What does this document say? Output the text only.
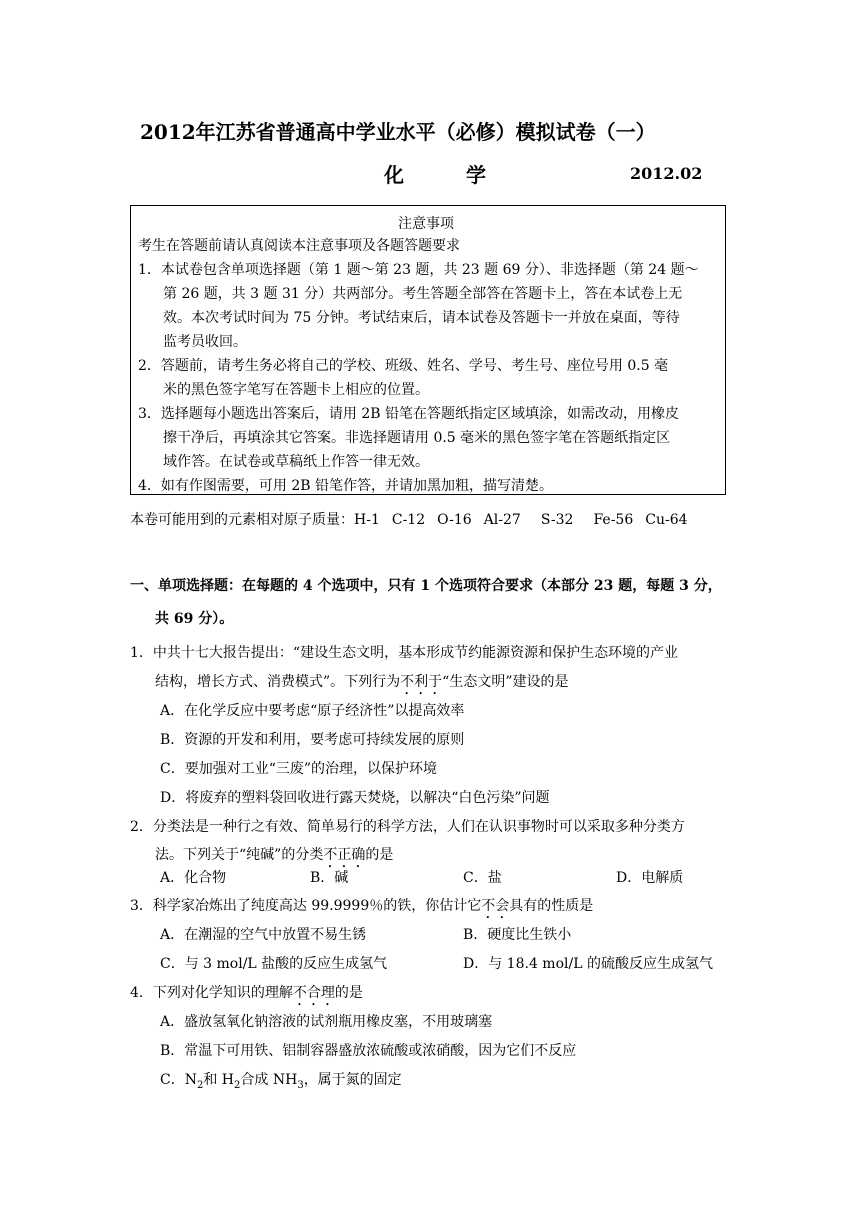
2012年江苏省普通高中学业水平（必修）模拟试卷（一）
化	学	2012.02
注意事项
考生在答题前请认真阅读本注意事项及各题答题要求
1．本试卷包含单项选择题（第 1 题～第 23 题，共 23 题 69 分）、非选择题（第 24 题～
第 26 题，共 3 题 31 分）共两部分。考生答题全部答在答题卡上，答在本试卷上无
效。本次考试时间为 75 分钟。考试结束后，请本试卷及答题卡一并放在桌面，等待
监考员收回。
2．答题前，请考生务必将自己的学校、班级、姓名、学号、考生号、座位号用 0.5 毫
米的黑色签字笔写在答题卡上相应的位置。
3．选择题每小题选出答案后，请用 2B 铅笔在答题纸指定区域填涂，如需改动，用橡皮
擦干净后，再填涂其它答案。非选择题请用 0.5 毫米的黑色签字笔在答题纸指定区
域作答。在试卷或草稿纸上作答一律无效。
4．如有作图需要，可用 2B 铅笔作答，并请加黑加粗，描写清楚。
本卷可能用到的元素相对原子质量：H-1 C-12 O-16 Al-27 S-32 Fe-56 Cu-64
一、单项选择题：在每题的 4 个选项中，只有 1 个选项符合要求（本部分 23 题，每题 3 分，
共 69 分）。
1．中共十七大报告提出：“建设生态文明，基本形成节约能源资源和保护生态环境的产业
结构，增长方式、消费模式”。下列行为不利于“生态文明”建设的是
A．在化学反应中要考虑“原子经济性”以提高效率
B．资源的开发和利用，要考虑可持续发展的原则
C．要加强对工业“三废”的治理，以保护环境
D．将废弃的塑料袋回收进行露天焚烧，以解决“白色污染”问题
2．分类法是一种行之有效、简单易行的科学方法，人们在认识事物时可以采取多种分类方
法。下列关于“纯碱”的分类不正确的是
A．化合物	B．碱	C．盐	D．电解质
3．科学家冶炼出了纯度高达 99.9999％的铁，你估计它不会具有的性质是
A．在潮湿的空气中放置不易生锈	B．硬度比生铁小
C．与 3 mol/L 盐酸的反应生成氢气	D．与 18.4 mol/L 的硫酸反应生成氢气
4．下列对化学知识的理解不合理的是
A．盛放氢氧化钠溶液的试剂瓶用橡皮塞，不用玻璃塞
B．常温下可用铁、铝制容器盛放浓硫酸或浓硝酸，因为它们不反应
C．$N_2$和 $H_2$合成 $NH_3$，属于氮的固定
